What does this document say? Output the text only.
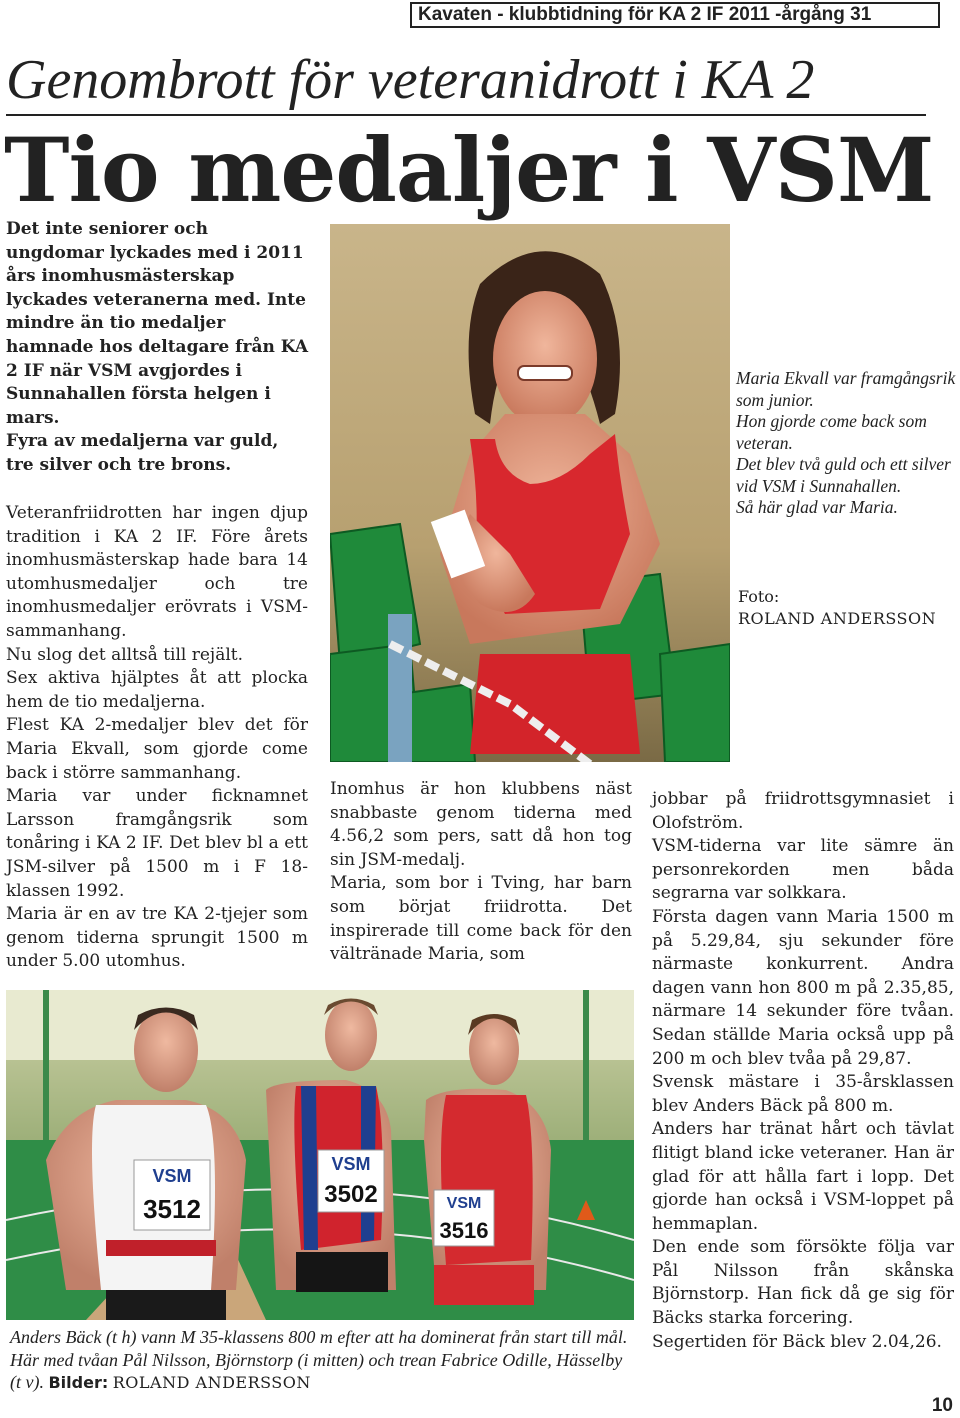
Kavaten - klubbtidning för KA 2 IF 2011 -årgång 31
Genombrott för veteranidrott i KA 2
Tio medaljer i VSM

Det inte seniorer och ungdomar lyckades med i 2011 års inomhusmästerskap lyckades veteranerna med. Inte mindre än tio medaljer hamnade hos deltagare från KA 2 IF när VSM avgjordes i Sunnahallen första helgen i mars.

Fyra av medaljerna var guld, tre silver och tre brons.

Veteranfriidrotten har ingen djup tradition i KA 2 IF. Före årets inomhusmästerskap hade bara 14 utomhusmedaljer och tre inomhusmedaljer erövrats i VSM-sammanhang.

Nu slog det alltså till rejält.

Sex aktiva hjälptes åt att plocka hem de tio medaljerna.

Flest KA 2-medaljer blev det för Maria Ekvall, som gjorde come back i större sammanhang.

Maria var under ficknamnet Larsson framgångsrik som tonåring i KA 2 IF. Det blev bl a ett JSM-silver på 1500 m i F 18-klassen 1992.

Maria är en av tre KA 2-tjejer som genom tiderna sprungit 1500 m under 5.00 utomhus.

Maria Ekvall var framgångsrik som junior.

Hon gjorde come back som veteran.

Det blev två guld och ett silver vid VSM i Sunnahallen.

Så här glad var Maria.

Foto:
ROLAND ANDERSSON

Inomhus är hon klubbens näst snabbaste genom tiderna med 4.56,2 som pers, satt då hon tog sin JSM-medalj.

Maria, som bor i Tving, har barn som börjat friidrotta. Det inspirerade till come back för den vältränade Maria, som

jobbar på friidrottsgymnasiet i Olofström.

VSM-tiderna var lite sämre än personrekorden men båda segrarna var solkkara.

Första dagen vann Maria 1500 m på 5.29,84, sju sekunder före närmaste konkurrent. Andra dagen vann hon 800 m på 2.35,85, närmare 14 sekunder före tvåan. Sedan ställde Maria också upp på 200 m och blev tvåa på 29,87.

Svensk mästare i 35-årsklassen blev Anders Bäck på 800 m.

Anders har tränat hårt och tävlat flitigt bland icke veteraner. Han är glad för att hålla fart i lopp. Det gjorde han också i VSM-loppet på hemmaplan.

Den ende som försökte följa var Pål Nilsson från skånska Björnstorp. Han fick då ge sig för Bäcks starka forcering.

Segertiden för Bäck blev 2.04,26.

VSM
3512
VSM
3502	VSM
3516
Anders Bäck (t h) vann M 35-klassens 800 m efter att ha dominerat från start till mål. Här med tvåan Pål Nilsson, Björnstorp (i mitten) och trean Fabrice Odille, Hässelby (t v). Bilder: ROLAND ANDERSSON
10
